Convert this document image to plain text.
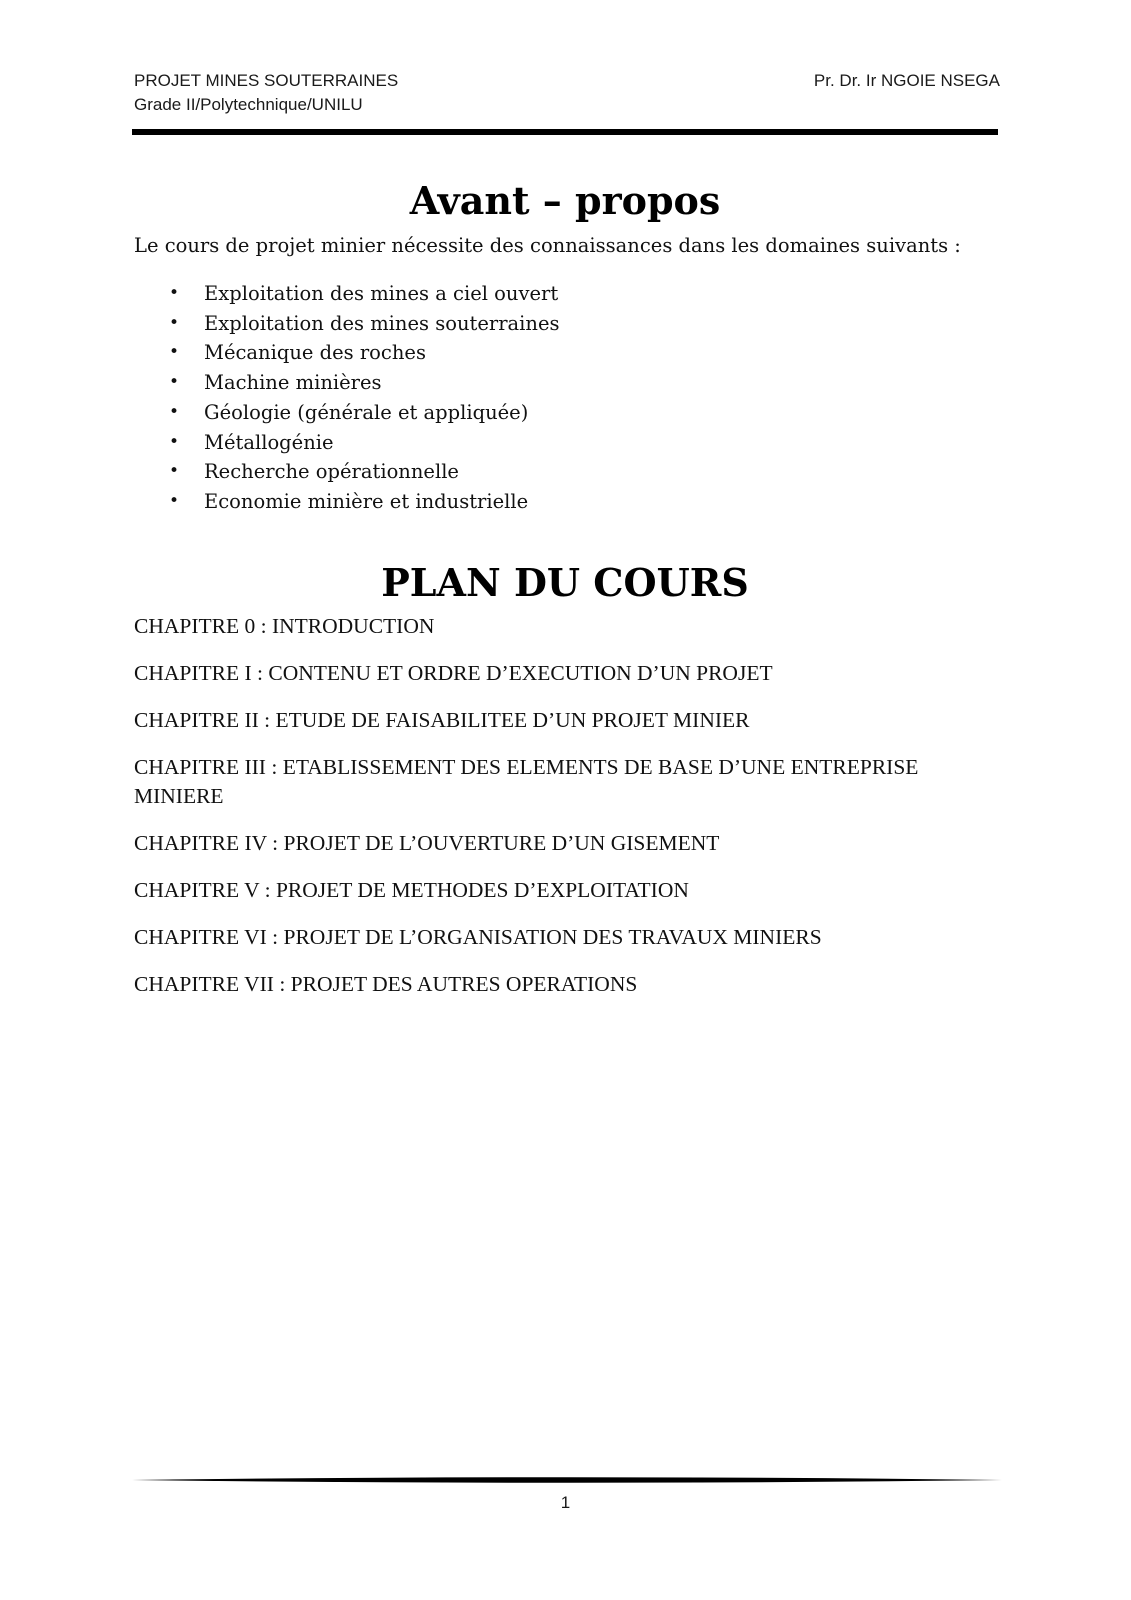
PROJET MINES SOUTERRAINES
Grade II/Polytechnique/UNILU
Pr. Dr. Ir NGOIE NSEGA
Avant – propos
Le cours de projet minier nécessite des connaissances dans les domaines suivants :
• Exploitation des mines a ciel ouvert
• Exploitation des mines souterraines
• Mécanique des roches
• Machine minières
• Géologie (générale et appliquée)
• Métallogénie
• Recherche opérationnelle
• Economie minière et industrielle
PLAN DU COURS

CHAPITRE 0 : INTRODUCTION

CHAPITRE I : CONTENU ET ORDRE D’EXECUTION D’UN PROJET

CHAPITRE II : ETUDE DE FAISABILITEE D’UN PROJET MINIER

CHAPITRE III : ETABLISSEMENT DES ELEMENTS DE BASE D’UNE ENTREPRISE MINIERE

CHAPITRE IV : PROJET DE L’OUVERTURE D’UN GISEMENT

CHAPITRE V : PROJET DE METHODES D’EXPLOITATION

CHAPITRE VI : PROJET DE L’ORGANISATION DES TRAVAUX MINIERS

CHAPITRE VII : PROJET DES AUTRES OPERATIONS

1
